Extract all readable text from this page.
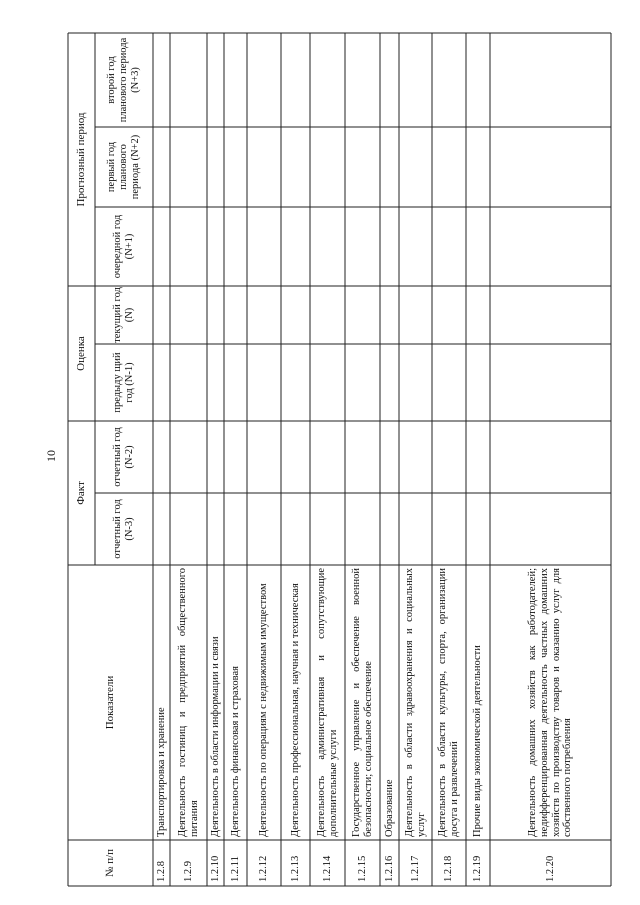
10
№ п/п
Показатели
Факт
Оценка
Прогнозный период
отчетный год (N-3)
отчетный год (N-2)
предыду щий год (N-1)
текущий год (N)
очередной год (N+1)
первый год планового периода (N+2)
второй год планового периода (N+3)
1.2.8
Транспортировка и хранение
1.2.9
Деятельность гостиниц и предприятий общественного питания
1.2.10
Деятельность в области информации и связи
1.2.11
Деятельность финансовая и страховая
1.2.12
Деятельность по операциям с недвижимым имуществом
1.2.13
Деятельность профессиональная, научная и техническая
1.2.14
Деятельность административная и сопутствующие дополнительные услуги
1.2.15
Государственное управление и обеспечение военной безопасности; социальное обеспечение
1.2.16
Образование
1.2.17
Деятельность в области здравоохранения и социальных услуг
1.2.18
Деятельность в области культуры, спорта, организации досуга и развлечений
1.2.19
Прочие виды экономической деятельности
1.2.20
Деятельность домашних хозяйств как работодателей; недифференцированная деятельность частных домашних хозяйств по производству товаров и оказанию услуг для собственного потребления
